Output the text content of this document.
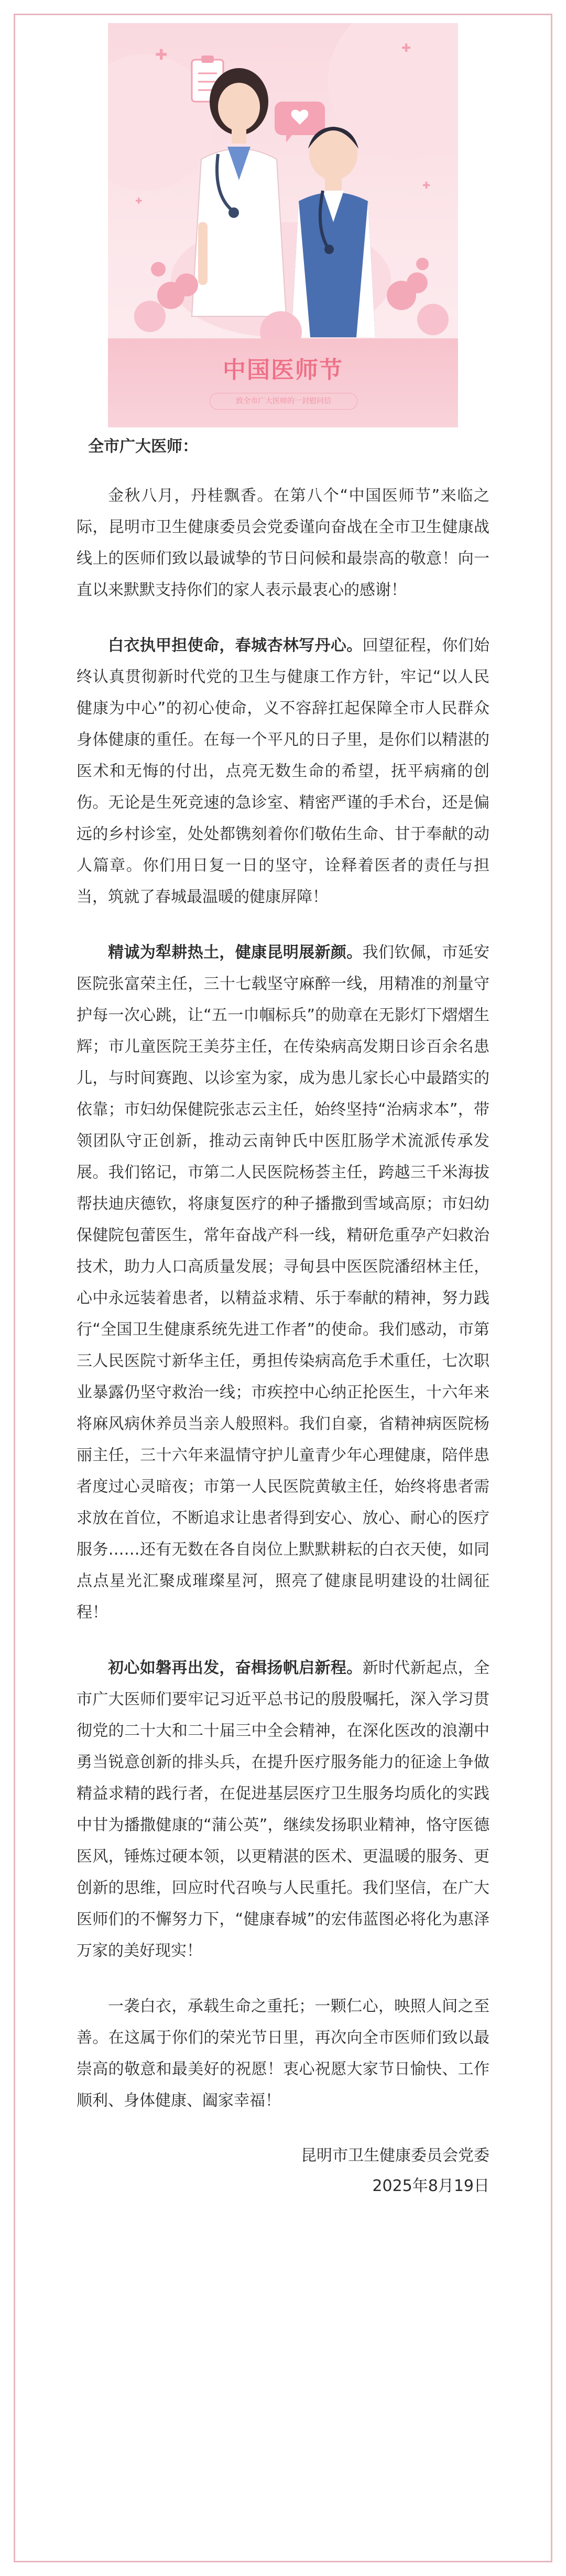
✚	✚
✚
✚
中国医师节
致全市广大医师的一封慰问信
全市广大医师：

金秋八月，丹桂飘香。在第八个“中国医师节”来临之际，昆明市卫生健康委员会党委谨向奋战在全市卫生健康战线上的医师们致以最诚挚的节日问候和最崇高的敬意！向一直以来默默支持你们的家人表示最衷心的感谢！

白衣执甲担使命，春城杏林写丹心。回望征程，你们始终认真贯彻新时代党的卫生与健康工作方针，牢记“以人民健康为中心”的初心使命，义不容辞扛起保障全市人民群众身体健康的重任。在每一个平凡的日子里，是你们以精湛的医术和无悔的付出，点亮无数生命的希望，抚平病痛的创伤。无论是生死竞速的急诊室、精密严谨的手术台，还是偏远的乡村诊室，处处都镌刻着你们敬佑生命、甘于奉献的动人篇章。你们用日复一日的坚守，诠释着医者的责任与担当，筑就了春城最温暖的健康屏障！

精诚为犁耕热土，健康昆明展新颜。我们钦佩，市延安医院张富荣主任，三十七载坚守麻醉一线，用精准的剂量守护每一次心跳，让“五一巾帼标兵”的勋章在无影灯下熠熠生辉；市儿童医院王美芬主任，在传染病高发期日诊百余名患儿，与时间赛跑、以诊室为家，成为患儿家长心中最踏实的依靠；市妇幼保健院张志云主任，始终坚持“治病求本”，带领团队守正创新，推动云南钟氏中医肛肠学术流派传承发展。我们铭记，市第二人民医院杨荟主任，跨越三千米海拔帮扶迪庆德钦，将康复医疗的种子播撒到雪域高原；市妇幼保健院包蕾医生，常年奋战产科一线，精研危重孕产妇救治技术，助力人口高质量发展；寻甸县中医医院潘绍林主任，心中永远装着患者，以精益求精、乐于奉献的精神，努力践行“全国卫生健康系统先进工作者”的使命。我们感动，市第三人民医院寸新华主任，勇担传染病高危手术重任，七次职业暴露仍坚守救治一线；市疾控中心纳正抡医生，十六年来将麻风病休养员当亲人般照料。我们自豪，省精神病医院杨丽主任，三十六年来温情守护儿童青少年心理健康，陪伴患者度过心灵暗夜；市第一人民医院黄敏主任，始终将患者需求放在首位，不断追求让患者得到安心、放心、耐心的医疗服务……还有无数在各自岗位上默默耕耘的白衣天使，如同点点星光汇聚成璀璨星河，照亮了健康昆明建设的壮阔征程！

初心如磐再出发，奋楫扬帆启新程。新时代新起点，全市广大医师们要牢记习近平总书记的殷殷嘱托，深入学习贯彻党的二十大和二十届三中全会精神，在深化医改的浪潮中勇当锐意创新的排头兵，在提升医疗服务能力的征途上争做精益求精的践行者，在促进基层医疗卫生服务均质化的实践中甘为播撒健康的“蒲公英”，继续发扬职业精神，恪守医德医风，锤炼过硬本领，以更精湛的医术、更温暖的服务、更创新的思维，回应时代召唤与人民重托。我们坚信，在广大医师们的不懈努力下，“健康春城”的宏伟蓝图必将化为惠泽万家的美好现实！

一袭白衣，承载生命之重托；一颗仁心，映照人间之至善。在这属于你们的荣光节日里，再次向全市医师们致以最崇高的敬意和最美好的祝愿！衷心祝愿大家节日愉快、工作顺利、身体健康、阖家幸福！

昆明市卫生健康委员会党委
2025年8月19日
